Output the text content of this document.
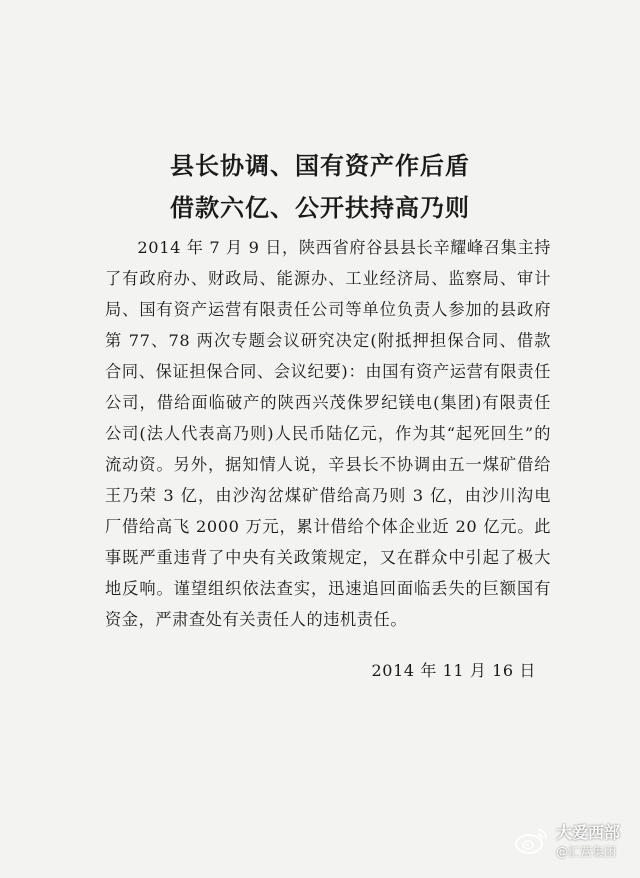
县长协调、国有资产作后盾
借款六亿、公开扶持高乃则

2014 年 7 月 9 日，陕西省府谷县县长辛耀峰召集主持了有政府办、财政局、能源办、工业经济局、监察局、审计局、国有资产运营有限责任公司等单位负责人参加的县政府第 77、78 两次专题会议研究决定(附抵押担保合同、借款合同、保证担保合同、会议纪要)：由国有资产运营有限责任公司，借给面临破产的陕西兴茂侏罗纪镁电(集团)有限责任公司(法人代表高乃则)人民币陆亿元，作为其“起死回生”的流动资。另外，据知情人说，辛县长不协调由五一煤矿借给王乃荣 3 亿，由沙沟岔煤矿借给高乃则 3 亿，由沙川沟电厂借给高飞 2000 万元，累计借给个体企业近 20 亿元。此事既严重违背了中央有关政策规定，又在群众中引起了极大地反响。谨望组织依法查实，迅速追回面临丢失的巨额国有资金，严肃查处有关责任人的违机责任。

2014 年 11 月 16 日
大爱西部
@汇营集团
